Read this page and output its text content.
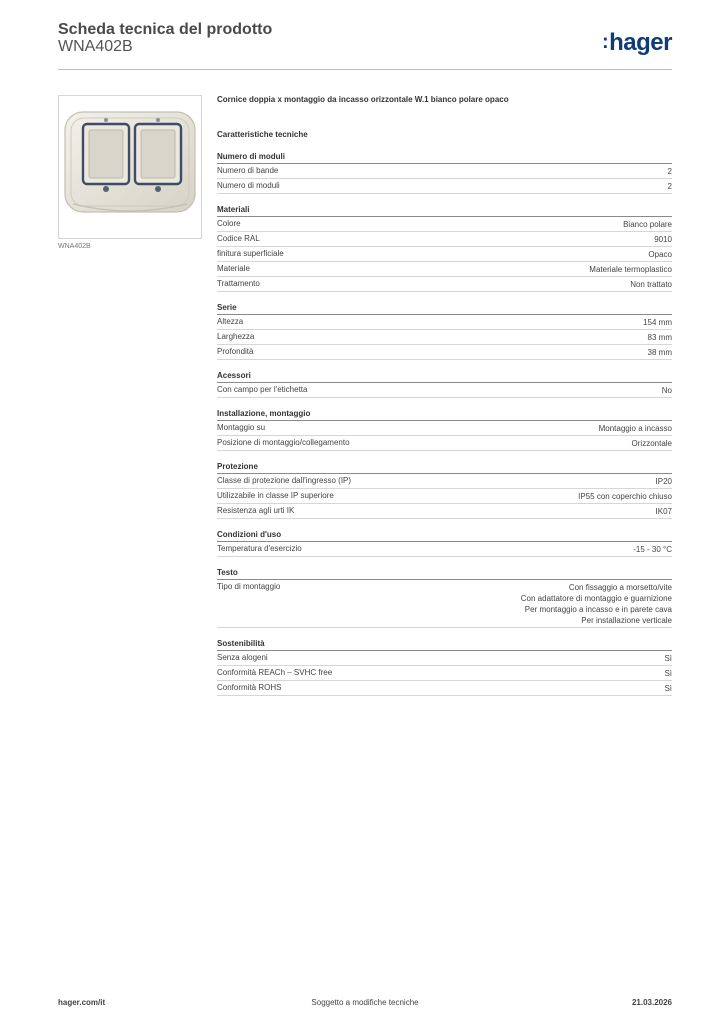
Scheda tecnica del prodotto
WNA402B	:hager
WNA402B
Cornice doppia x montaggio da incasso orizzontale W.1 bianco polare opaco
Caratteristiche tecniche
Numero di moduli
Numero di bande	2
Numero di moduli	2
Materiali
Colore	Bianco polare
Codice RAL	9010
finitura superficiale	Opaco
Materiale	Materiale termoplastico
Trattamento	Non trattato
Serie
Altezza	154 mm
Larghezza	83 mm
Profondità	38 mm
Acessori
Con campo per l'etichetta	No
Installazione, montaggio
Montaggio su	Montaggio a incasso
Posizione di montaggio/collegamento	Orizzontale
Protezione
Classe di protezione dall'ingresso (IP)	IP20
Utilizzabile in classe IP superiore	IP55 con coperchio chiuso
Resistenza agli urti IK	IK07
Condizioni d'uso
Temperatura d'esercizio	-15 - 30 °C
Testo
Tipo di montaggio	Con fissaggio a morsetto/vite
Con adattatore di montaggio e guarnizione
Per montaggio a incasso e in parete cava
Per installazione verticale
Sostenibilità
Senza alogeni	Sì
Conformità REACh – SVHC free	Sì
Conformità ROHS	Sì
hager.com/it	Soggetto a modifiche tecniche	21.03.2026
